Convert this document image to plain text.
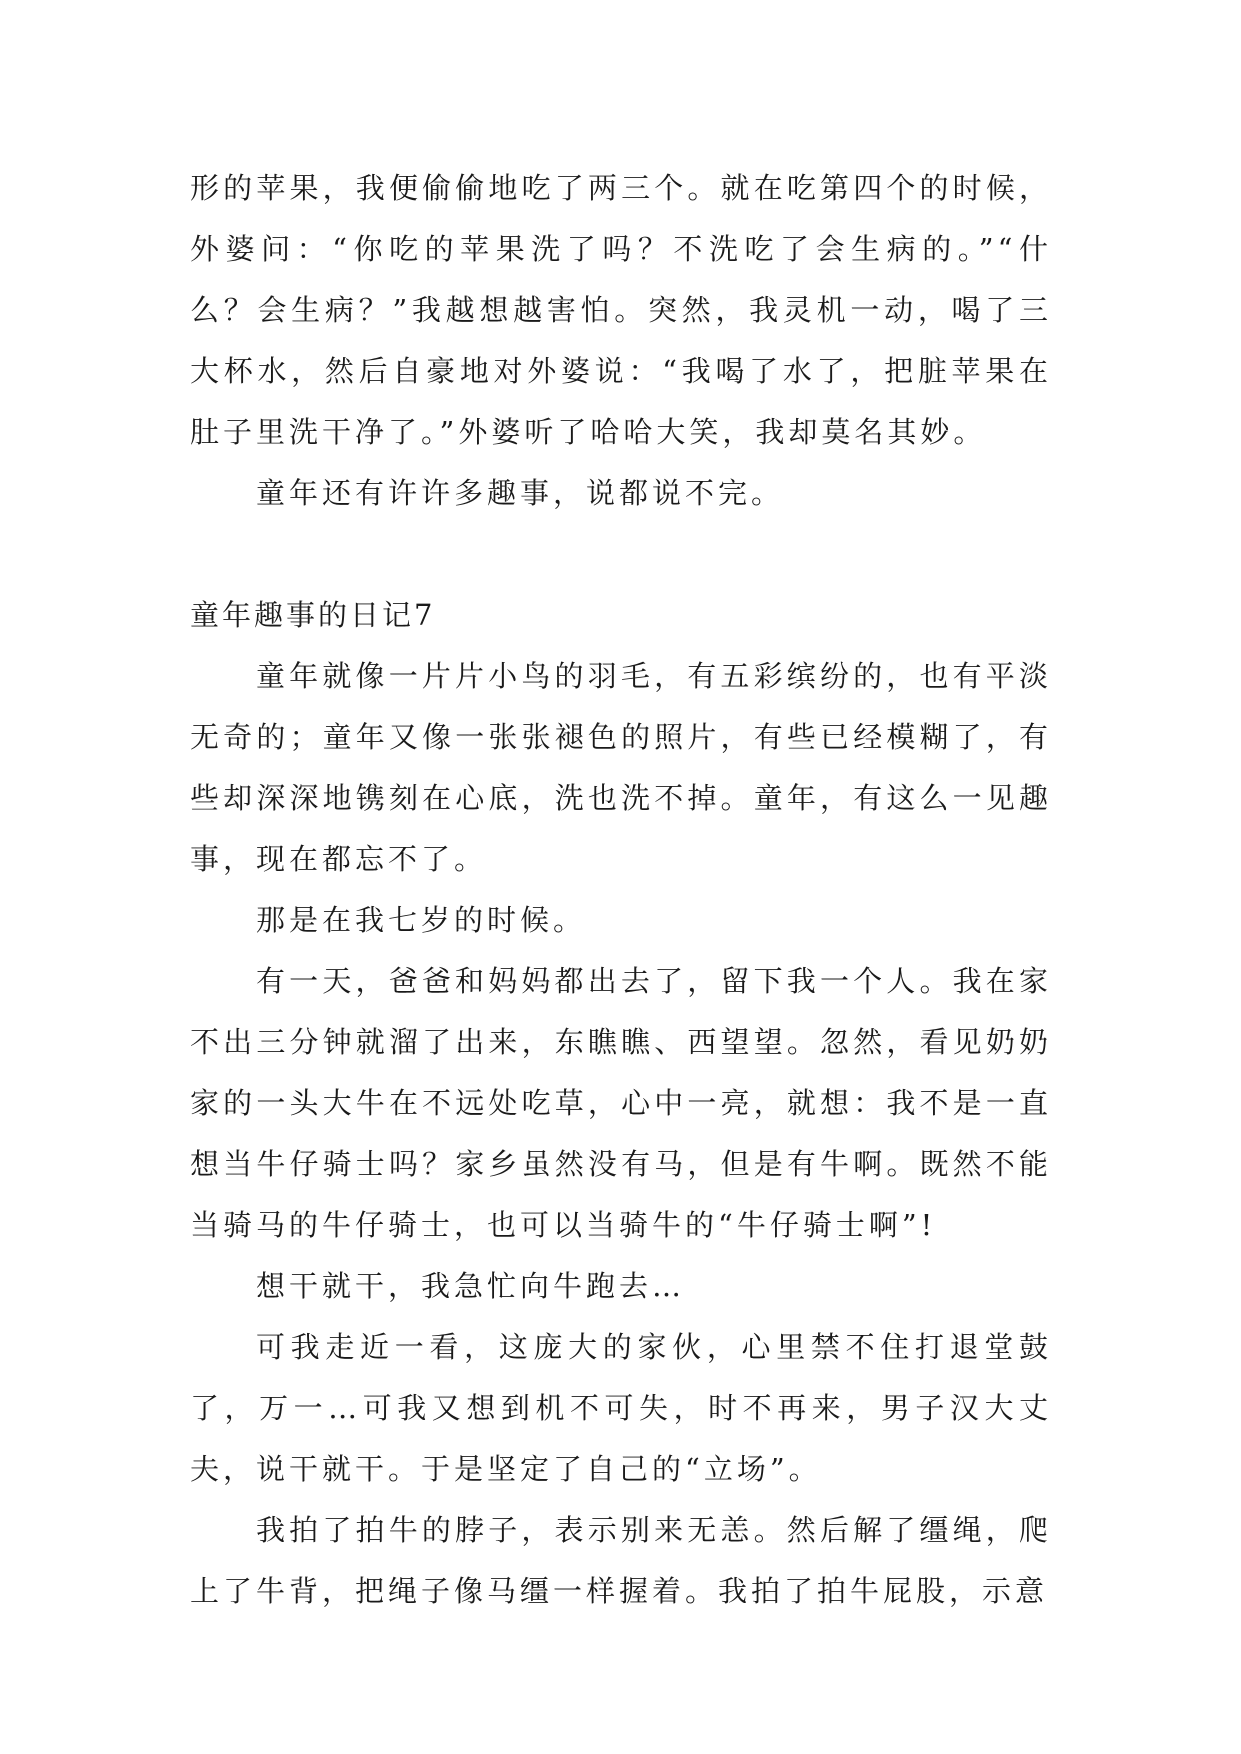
形的苹果，我便偷偷地吃了两三个。就在吃第四个的时候，外婆问：“你吃的苹果洗了吗？不洗吃了会生病的。”“什么？会生病？”我越想越害怕。突然，我灵机一动，喝了三大杯水，然后自豪地对外婆说：“我喝了水了，把脏苹果在肚子里洗干净了。”外婆听了哈哈大笑，我却莫名其妙。

童年还有许许多趣事，说都说不完。

童年趣事的日记7

童年就像一片片小鸟的羽毛，有五彩缤纷的，也有平淡无奇的；童年又像一张张褪色的照片，有些已经模糊了，有些却深深地镌刻在心底，洗也洗不掉。童年，有这么一见趣事，现在都忘不了。

那是在我七岁的时候。

有一天，爸爸和妈妈都出去了，留下我一个人。我在家不出三分钟就溜了出来，东瞧瞧、西望望。忽然，看见奶奶家的一头大牛在不远处吃草，心中一亮，就想：我不是一直想当牛仔骑士吗？家乡虽然没有马，但是有牛啊。既然不能当骑马的牛仔骑士，也可以当骑牛的“牛仔骑士啊”!

想干就干，我急忙向牛跑去…

可我走近一看，这庞大的家伙，心里禁不住打退堂鼓了，万一…可我又想到机不可失，时不再来，男子汉大丈夫，说干就干。于是坚定了自己的“立场”。

我拍了拍牛的脖子，表示别来无恙。然后解了缰绳，爬上了牛背，把绳子像马缰一样握着。我拍了拍牛屁股，示意
